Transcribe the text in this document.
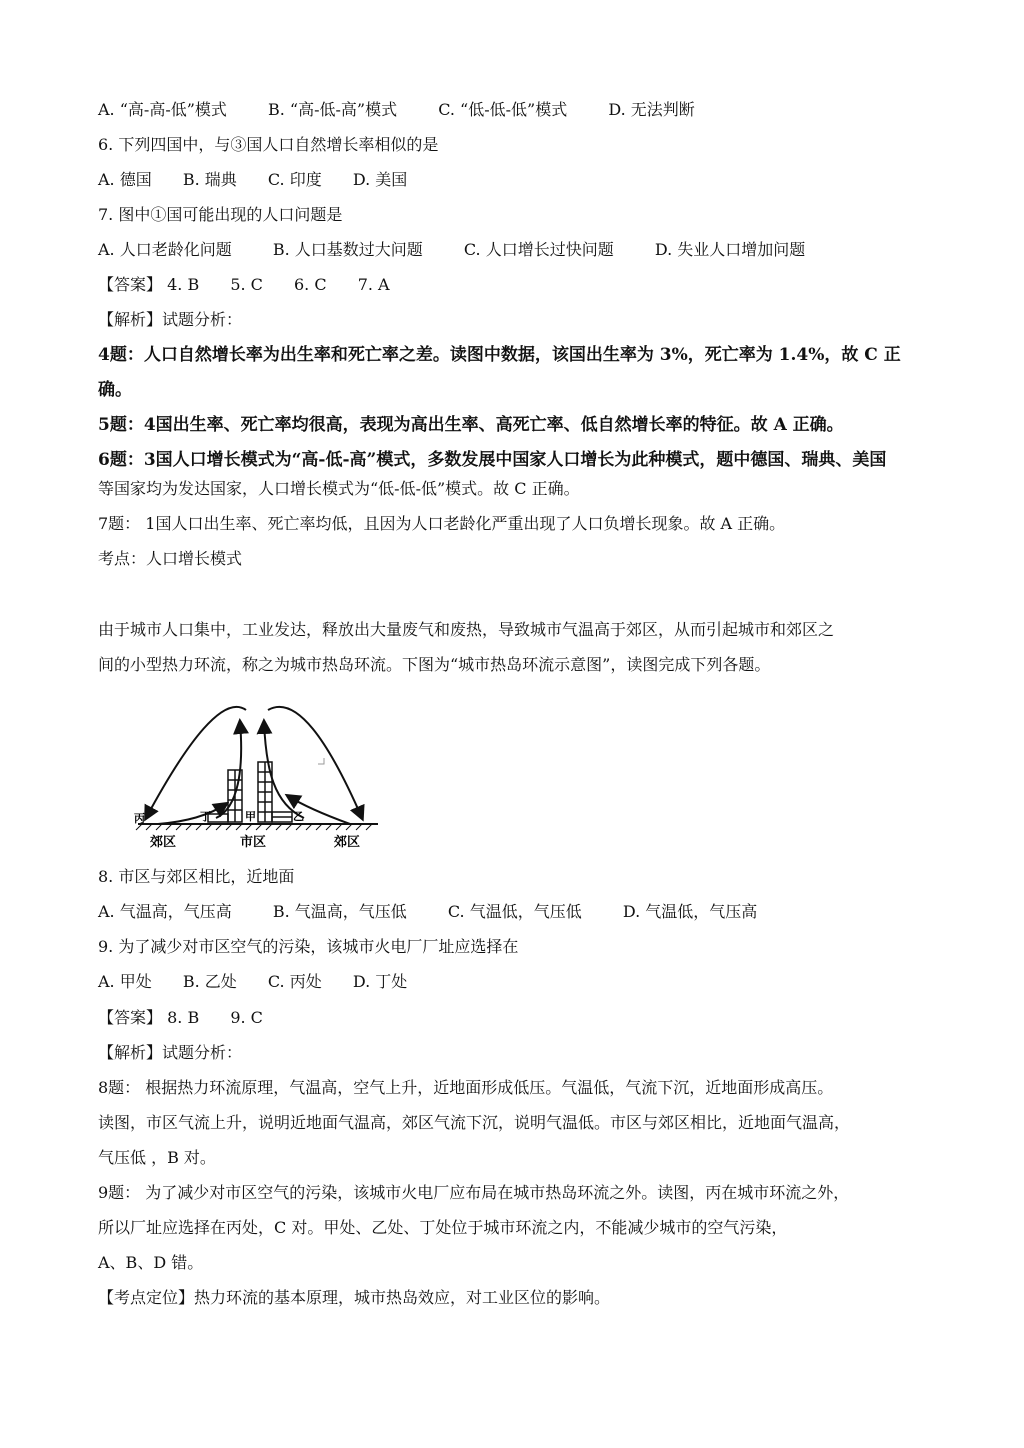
A. “高-高-低”模式	B. “高-低-高”模式	C. “低-低-低”模式	D. 无法判断
6. 下列四国中，与③国人口自然增长率相似的是
A. 德国 B. 瑞典 C. 印度 D. 美国
7. 图中①国可能出现的人口问题是
A. 人口老龄化问题	B. 人口基数过大问题	C. 人口增长过快问题	D. 失业人口增加问题
【答案】 4. B 5. C 6. C 7. A
【解析】试题分析：
4题：人口自然增长率为出生率和死亡率之差。读图中数据，该国出生率为 3%，死亡率为 1.4%，故 C 正
确。
5题：4国出生率、死亡率均很高，表现为高出生率、高死亡率、低自然增长率的特征。故 A 正确。
6题：3国人口增长模式为“高-低-高”模式，多数发展中国家人口增长为此种模式，题中德国、瑞典、美国
等国家均为发达国家，人口增长模式为“低-低-低”模式。故 C 正确。
7题： 1国人口出生率、死亡率均低，且因为人口老龄化严重出现了人口负增长现象。故 A 正确。
考点：人口增长模式
由于城市人口集中，工业发达，释放出大量废气和废热，导致城市气温高于郊区，从而引起城市和郊区之
间的小型热力环流，称之为城市热岛环流。下图为“城市热岛环流示意图”，读图完成下列各题。
丙	丁	甲	乙
郊区	市区	郊区
8. 市区与郊区相比，近地面
A. 气温高，气压高	B. 气温高，气压低	C. 气温低，气压低	D. 气温低，气压高
9. 为了减少对市区空气的污染，该城市火电厂厂址应选择在
A. 甲处 B. 乙处 C. 丙处 D. 丁处
【答案】 8. B 9. C
【解析】试题分析：
8题： 根据热力环流原理，气温高，空气上升，近地面形成低压。气温低，气流下沉，近地面形成高压。
读图，市区气流上升，说明近地面气温高，郊区气流下沉，说明气温低。市区与郊区相比，近地面气温高，
气压低 ，B 对。
9题： 为了减少对市区空气的污染，该城市火电厂应布局在城市热岛环流之外。读图，丙在城市环流之外，
所以厂址应选择在丙处，C 对。甲处、乙处、丁处位于城市环流之内，不能减少城市的空气污染，
A、B、D 错。
【考点定位】热力环流的基本原理，城市热岛效应，对工业区位的影响。
